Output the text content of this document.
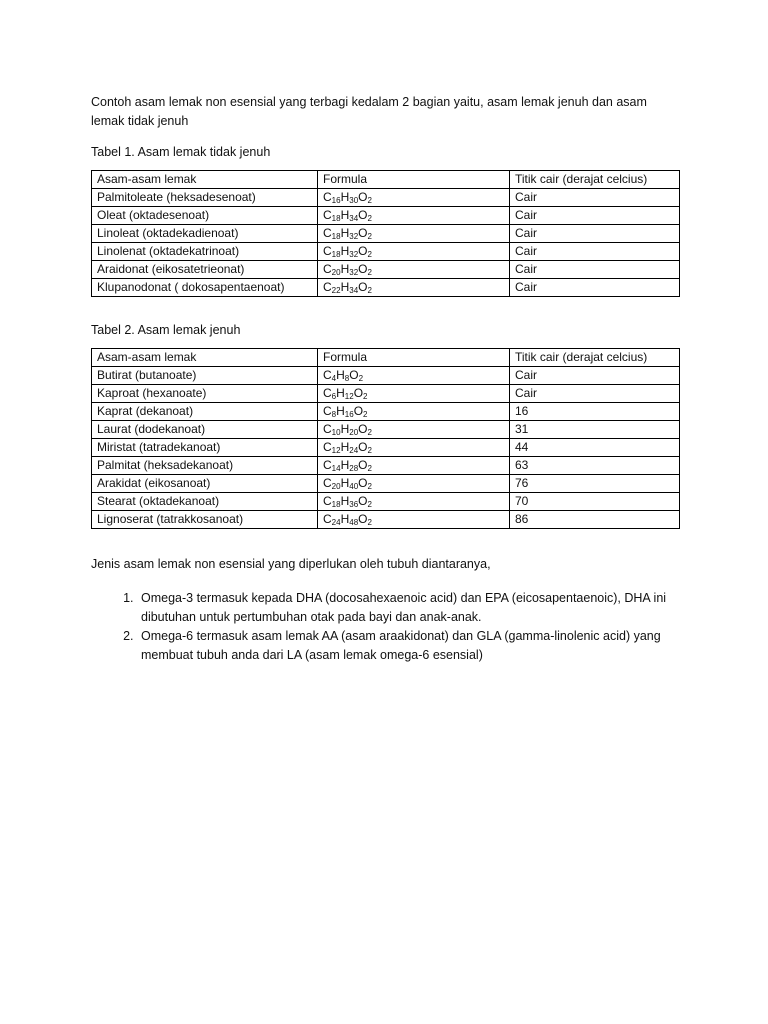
Contoh asam lemak non esensial yang terbagi kedalam 2 bagian yaitu, asam lemak jenuh dan asam lemak tidak jenuh

Tabel 1. Asam lemak tidak jenuh

Asam-asam lemak	Formula	Titik cair (derajat celcius)
Palmitoleate (heksadesenoat)	$C_{16}H_{30}O_2$	Cair
Oleat (oktadesenoat)	$C_{18}H_{34}O_2$	Cair
Linoleat (oktadekadienoat)	$C_{18}H_{32}O_2$	Cair
Linolenat (oktadekatrinoat)	$C_{18}H_{32}O_2$	Cair
Araidonat (eikosatetrieonat)	$C_{20}H_{32}O_2$	Cair
Klupanodonat ( dokosapentaenoat)	$C_{22}H_{34}O_2$	Cair

Tabel 2. Asam lemak jenuh

Asam-asam lemak	Formula	Titik cair (derajat celcius)
Butirat (butanoate)	$C_4H_8O_2$	Cair
Kaproat (hexanoate)	$C_6H_{12}O_2$	Cair
Kaprat (dekanoat)	$C_8H_{16}O_2$	16
Laurat (dodekanoat)	$C_{10}H_{20}O_2$	31
Miristat (tatradekanoat)	$C_{12}H_{24}O_2$	44
Palmitat (heksadekanoat)	$C_{14}H_{28}O_2$	63
Arakidat (eikosanoat)	$C_{20}H_{40}O_2$	76
Stearat (oktadekanoat)	$C_{18}H_{36}O_2$	70
Lignoserat (tatrakkosanoat)	$C_{24}H_{48}O_2$	86

Jenis asam lemak non esensial yang diperlukan oleh tubuh diantaranya,

1. Omega-3 termasuk kepada DHA (docosahexaenoic acid) dan EPA (eicosapentaenoic), DHA ini dibutuhan untuk pertumbuhan otak pada bayi dan anak-anak.
2. Omega-6 termasuk asam lemak AA (asam araakidonat) dan GLA (gamma-linolenic acid) yang membuat tubuh anda dari LA (asam lemak omega-6 esensial)
